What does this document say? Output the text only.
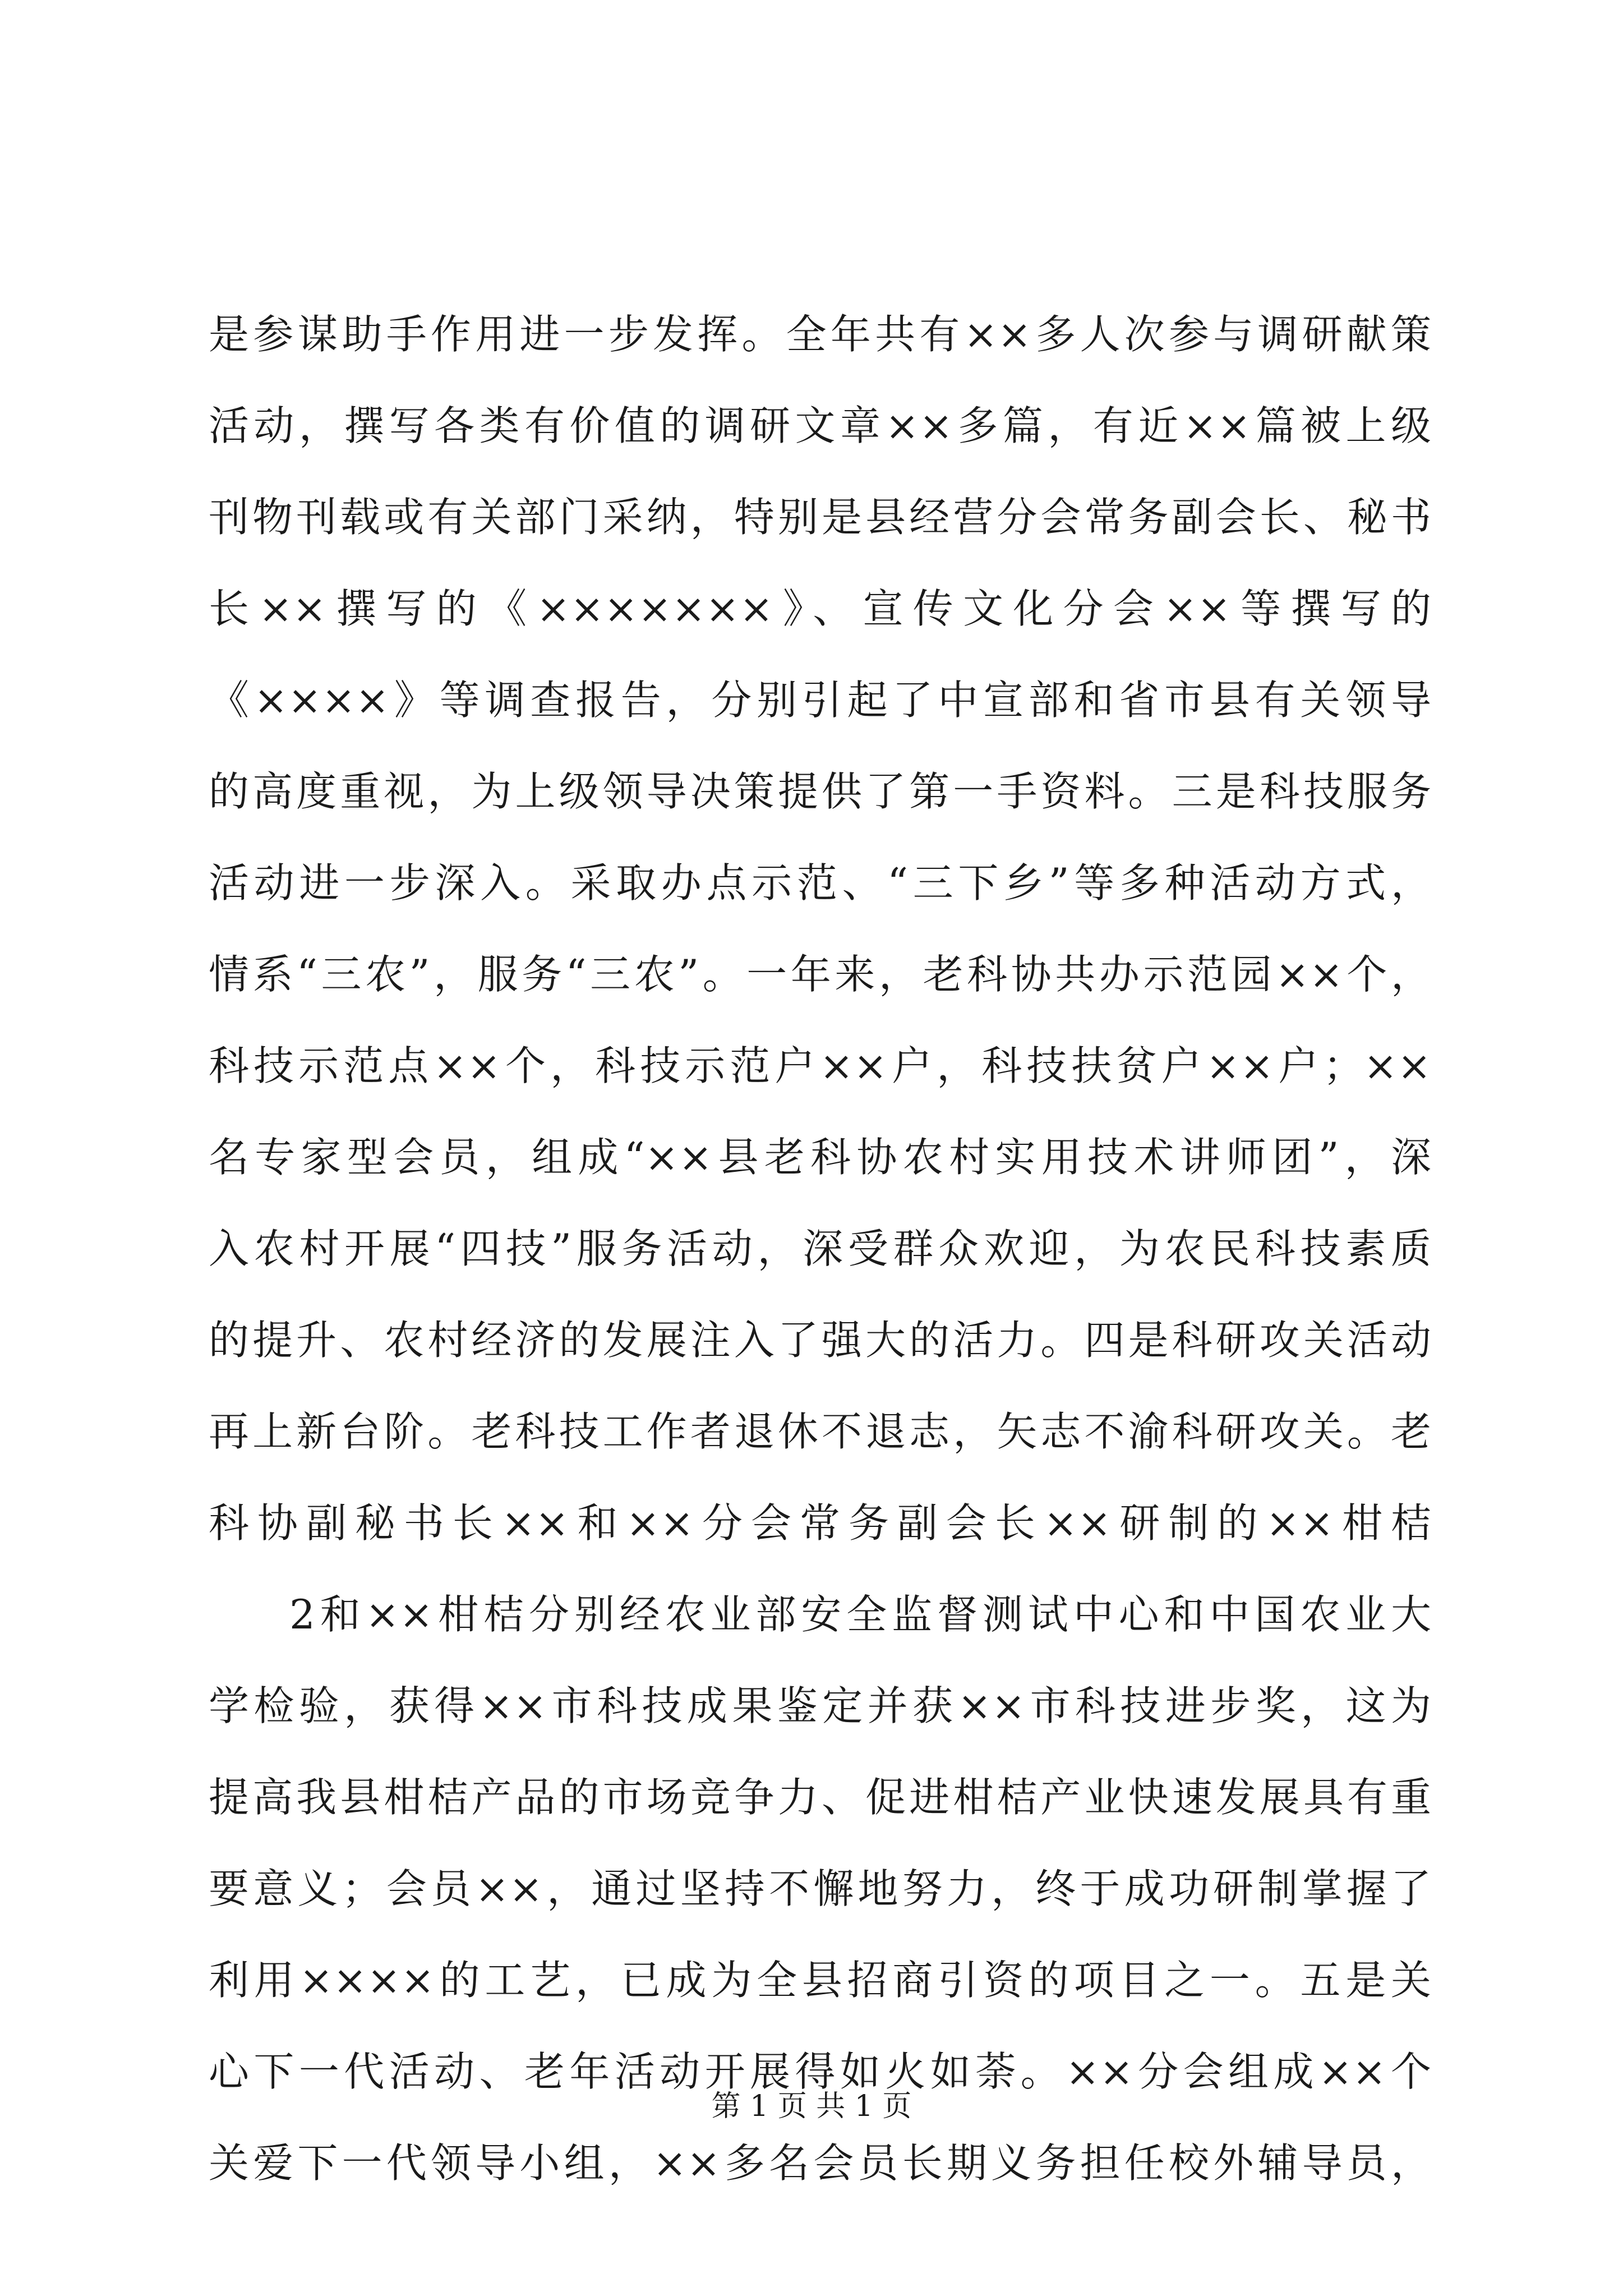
是参谋助手作用进一步发挥。全年共有××多人次参与调研献策
活动，撰写各类有价值的调研文章××多篇，有近××篇被上级
刊物刊载或有关部门采纳，特别是县经营分会常务副会长、秘书
长××撰写的《×××××××》、宣传文化分会××等撰写的
《××××》等调查报告，分别引起了中宣部和省市县有关领导
的高度重视，为上级领导决策提供了第一手资料。三是科技服务
活动进一步深入。采取办点示范、“三下乡”等多种活动方式，
情系“三农”，服务“三农”。一年来，老科协共办示范园××个，
科技示范点××个，科技示范户××户，科技扶贫户××户；××
名专家型会员，组成“××县老科协农村实用技术讲师团”，深
入农村开展“四技”服务活动，深受群众欢迎，为农民科技素质
的提升、农村经济的发展注入了强大的活力。四是科研攻关活动
再上新台阶。老科技工作者退休不退志，矢志不渝科研攻关。老
科协副秘书长××和××分会常务副会长××研制的××柑桔
2和××柑桔分别经农业部安全监督测试中心和中国农业大
学检验，获得××市科技成果鉴定并获××市科技进步奖，这为
提高我县柑桔产品的市场竞争力、促进柑桔产业快速发展具有重
要意义；会员××，通过坚持不懈地努力，终于成功研制掌握了
利用××××的工艺，已成为全县招商引资的项目之一。五是关
心下一代活动、老年活动开展得如火如荼。××分会组成××个
关爱下一代领导小组，××多名会员长期义务担任校外辅导员，
第 1 页 共 1 页
